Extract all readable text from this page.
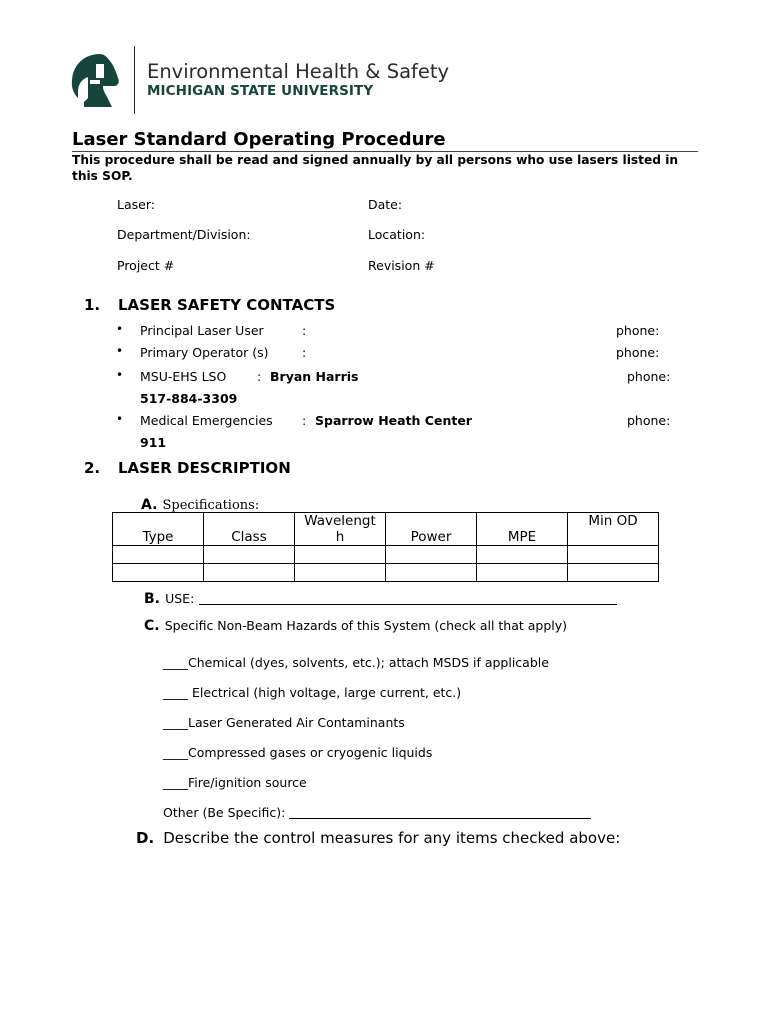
Environmental Health & Safety
MICHIGAN STATE UNIVERSITY
Laser Standard Operating Procedure
This procedure shall be read and signed annually by all persons who use lasers listed in this SOP.
Laser:	Date:
Department/Division:	Location:
Project #	Revision #
1. LASER SAFETY CONTACTS
• Principal Laser User	:	phone:
• Primary Operator (s)	:	phone:
• MSU-EHS LSO : Bryan Harris	phone:
517-884-3309
• Medical Emergencies : Sparrow Heath Center	phone:
911
2. LASER DESCRIPTION
A. Specifications:
Type	Class	Wavelength	Power	MPE	Min OD

B. USE:
C. Specific Non-Beam Hazards of this System (check all that apply)
____Chemical (dyes, solvents, etc.); attach MSDS if applicable
____ Electrical (high voltage, large current, etc.)
____Laser Generated Air Contaminants
____Compressed gases or cryogenic liquids
____Fire/ignition source
Other (Be Specific):
D. Describe the control measures for any items checked above:
